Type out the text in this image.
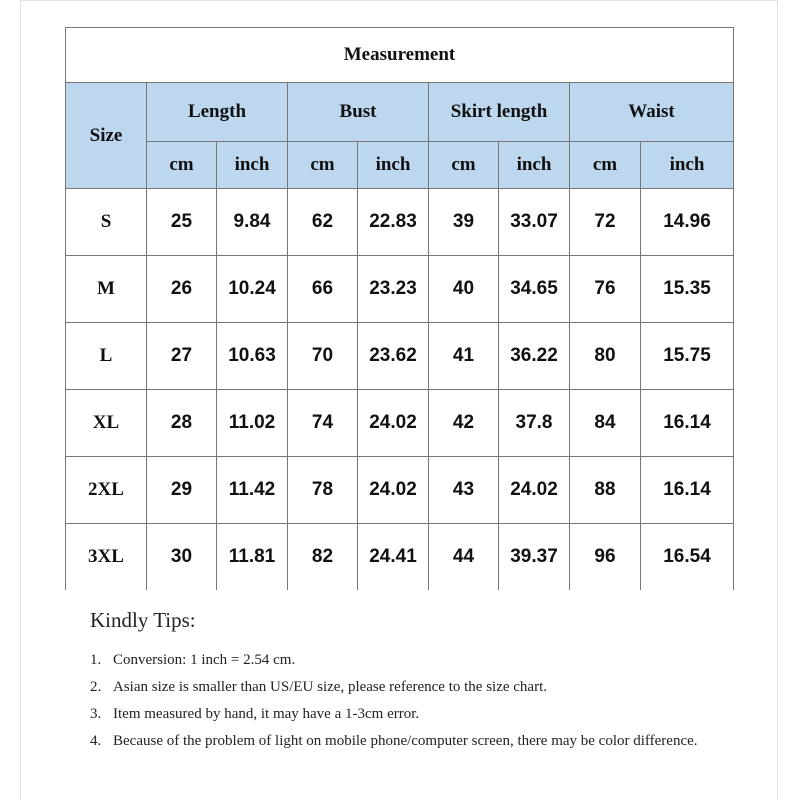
Measurement								
Size	Length		Bust		Skirt length		Waist	
	cm	inch	cm	inch	cm	inch	cm	inch
S	25	9.84	62	22.83	39	33.07	72	14.96
M	26	10.24	66	23.23	40	34.65	76	15.35
L	27	10.63	70	23.62	41	36.22	80	15.75
XL	28	11.02	74	24.02	42	37.8	84	16.14
2XL	29	11.42	78	24.02	43	24.02	88	16.14
3XL	30	11.81	82	24.41	44	39.37	96	16.54
Kindly Tips:
1. Conversion: 1 inch = 2.54 cm.
2. Asian size is smaller than US/EU size, please reference to the size chart.
3. Item measured by hand, it may have a 1-3cm error.
4. Because of the problem of light on mobile phone/computer screen, there may be color difference.
